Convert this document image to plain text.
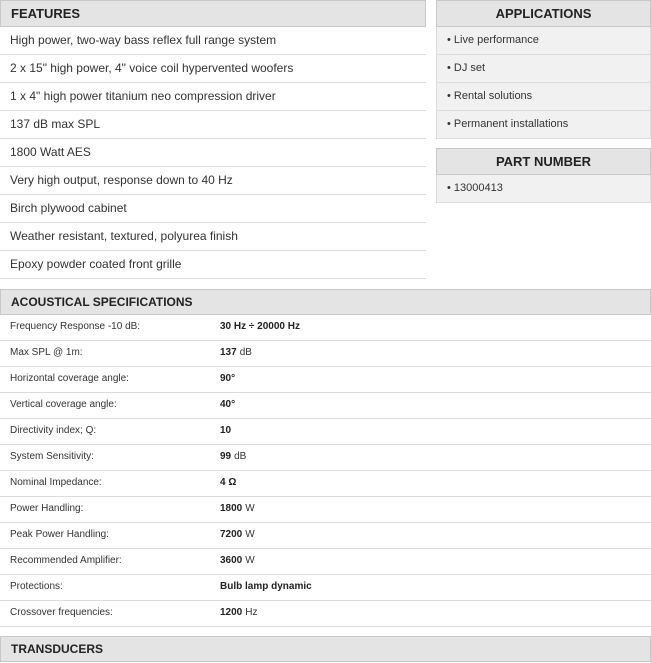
FEATURES
High power, two-way bass reflex full range system
2 x 15" high power, 4" voice coil hypervented woofers
1 x 4" high power titanium neo compression driver
137 dB max SPL
1800 Watt AES
Very high output, response down to 40 Hz
Birch plywood cabinet
Weather resistant, textured, polyurea finish
Epoxy powder coated front grille
APPLICATIONS
• Live performance
• DJ set
• Rental solutions
• Permanent installations
PART NUMBER
• 13000413
ACOUSTICAL SPECIFICATIONS
Frequency Response -10 dB:	30 Hz ÷ 20000 Hz
Max SPL @ 1m:	137 dB
Horizontal coverage angle:	90°
Vertical coverage angle:	40°
Directivity index; Q:	10
System Sensitivity:	99 dB
Nominal Impedance:	4 Ω
Power Handling:	1800 W
Peak Power Handling:	7200 W
Recommended Amplifier:	3600 W
Protections:	Bulb lamp dynamic
Crossover frequencies:	1200 Hz
TRANSDUCERS
